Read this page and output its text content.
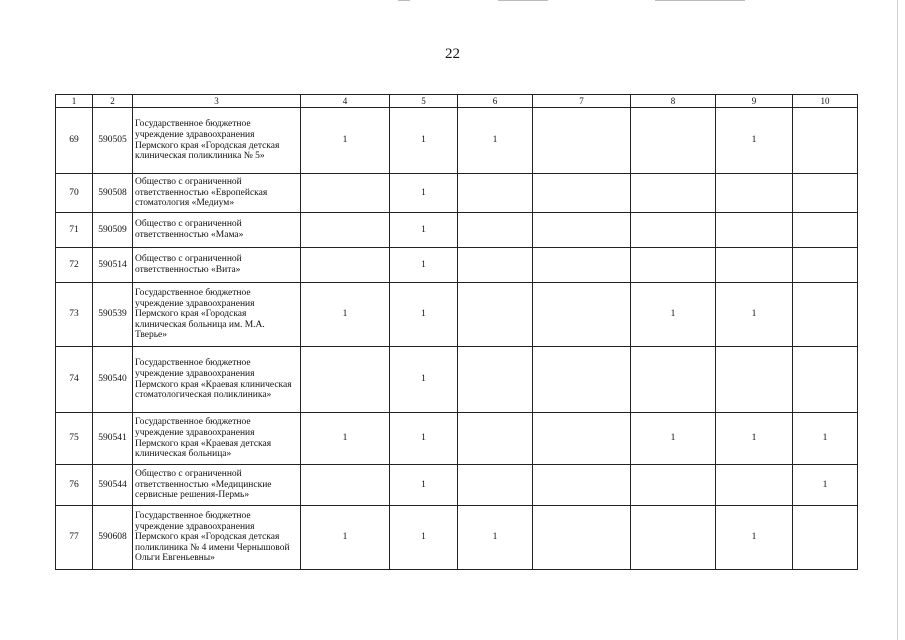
22
1	2	3	4	5	6	7	8	9	10
69	590505	Государственное бюджетное учреждение здравоохранения Пермского края «Городская детская клиническая поликлиника № 5»	1	1	1			1	
70	590508	Общество с ограниченной ответственностью «Европейская стоматология «Медиум»		1					
71	590509	Общество с ограниченной ответственностью «Мама»		1					
72	590514	Общество с ограниченной ответственностью «Вита»		1					
73	590539	Государственное бюджетное учреждение здравоохранения Пермского края «Городская клиническая больница им. М.А. Тверье»	1	1			1	1	
74	590540	Государственное бюджетное учреждение здравоохранения Пермского края «Краевая клиническая стоматологическая поликлиника»		1					
75	590541	Государственное бюджетное учреждение здравоохранения Пермского края «Краевая детская клиническая больница»	1	1			1	1	1
76	590544	Общество с ограниченной ответственностью «Медицинские сервисные решения-Пермь»		1					1
77	590608	Государственное бюджетное учреждение здравоохранения Пермского края «Городская детская поликлиника № 4 имени Чернышовой Ольги Евгеньевны»	1	1	1			1	
